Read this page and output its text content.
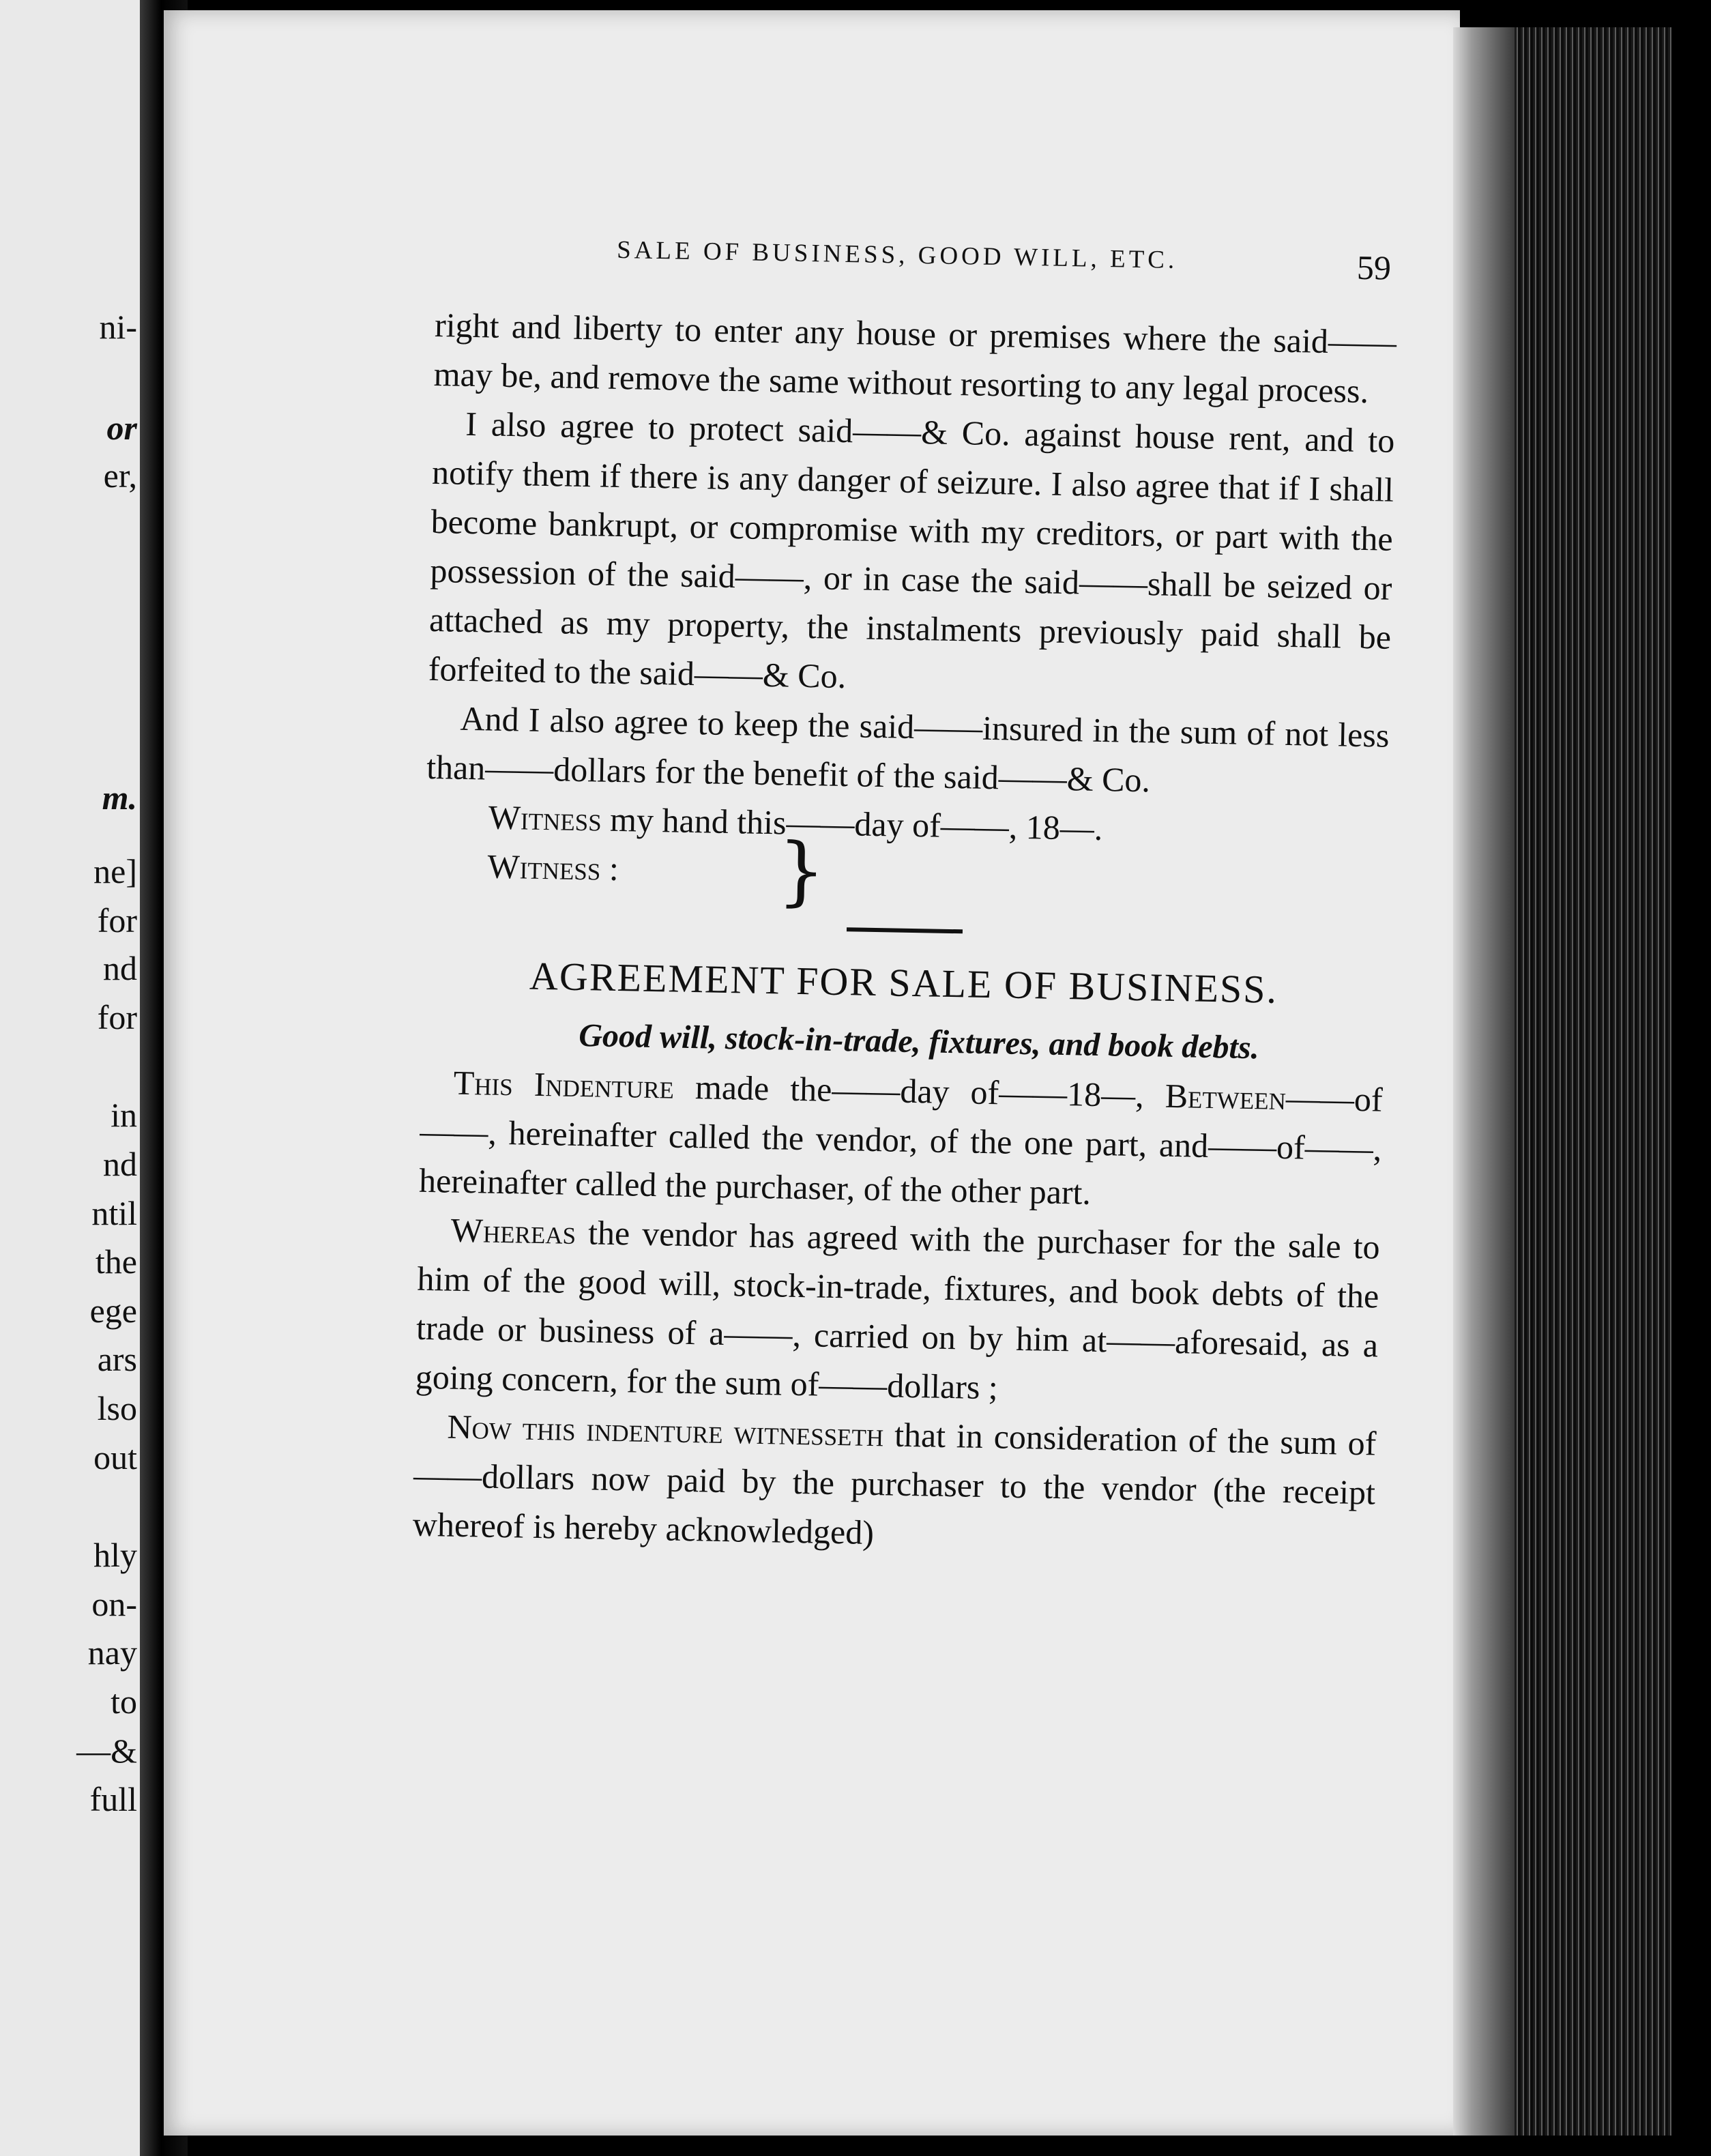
ni-
or
er,
m.
ne]
for
nd
for
in
nd
ntil
the
ege
ars
lso
out
hly
on-
nay
to
—&
full
SALE OF BUSINESS, GOOD WILL, ETC.	59

right and liberty to enter any house or premises where the said——may be, and remove the same without resorting to any legal process.

I also agree to protect said——& Co. against house rent, and to notify them if there is any danger of seizure. I also agree that if I shall become bankrupt, or compromise with my creditors, or part with the possession of the said——, or in case the said——shall be seized or attached as my property, the instalments previously paid shall be forfeited to the said——& Co.

And I also agree to keep the said——insured in the sum of not less than——dollars for the benefit of the said——& Co.

Witness my hand this——day of——, 18—.

Witness : }

AGREEMENT FOR SALE OF BUSINESS.

Good will, stock-in-trade, fixtures, and book debts.

This Indenture made the——day of——18—, Between——of——, hereinafter called the vendor, of the one part, and——of——, hereinafter called the purchaser, of the other part.

Whereas the vendor has agreed with the purchaser for the sale to him of the good will, stock-in-trade, fixtures, and book debts of the trade or business of a——, carried on by him at——aforesaid, as a going concern, for the sum of——dollars ;

Now this indenture witnesseth that in consideration of the sum of——dollars now paid by the purchaser to the vendor (the receipt whereof is hereby acknowledged)
